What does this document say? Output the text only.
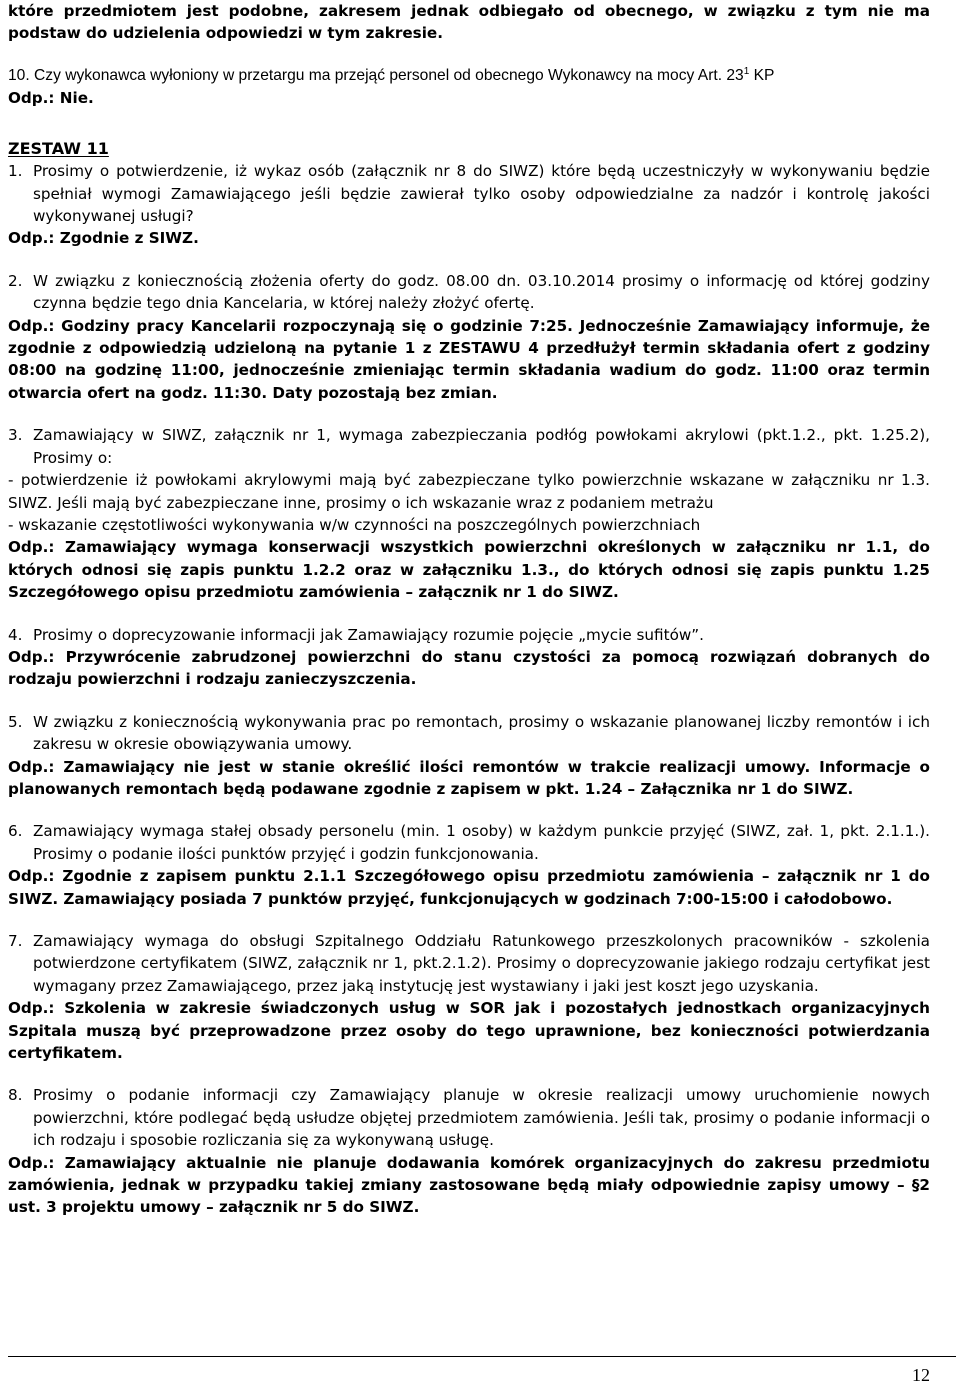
które przedmiotem jest podobne, zakresem jednak odbiegało od obecnego, w związku z tym nie ma podstaw do udzielenia odpowiedzi w tym zakresie.

10. Czy wykonawca wyłoniony w przetargu ma przejąć personel od obecnego Wykonawcy na mocy Art. $23^1$ KP

Odp.: Nie.

ZESTAW 11

1. Prosimy o potwierdzenie, iż wykaz osób (załącznik nr 8 do SIWZ) które będą uczestniczyły w wykonywaniu będzie spełniał wymogi Zamawiającego jeśli będzie zawierał tylko osoby odpowiedzialne za nadzór i kontrolę jakości wykonywanej usługi?

Odp.: Zgodnie z SIWZ.

2. W związku z koniecznością złożenia oferty do godz. 08.00 dn. 03.10.2014 prosimy o informację od której godziny czynna będzie tego dnia Kancelaria, w której należy złożyć ofertę.

Odp.: Godziny pracy Kancelarii rozpoczynają się o godzinie 7:25. Jednocześnie Zamawiający informuje, że zgodnie z odpowiedzią udzieloną na pytanie 1 z ZESTAWU 4 przedłużył termin składania ofert z godziny 08:00 na godzinę 11:00, jednocześnie zmieniając termin składania wadium do godz. 11:00 oraz termin otwarcia ofert na godz. 11:30. Daty pozostają bez zmian.

3. Zamawiający w SIWZ, załącznik nr 1, wymaga zabezpieczania podłóg powłokami akrylowi (pkt.1.2., pkt. 1.25.2), Prosimy o:

- potwierdzenie iż powłokami akrylowymi mają być zabezpieczane tylko powierzchnie wskazane w załączniku nr 1.3. SIWZ. Jeśli mają być zabezpieczane inne, prosimy o ich wskazanie wraz z podaniem metrażu

- wskazanie częstotliwości wykonywania w/w czynności na poszczególnych powierzchniach

Odp.: Zamawiający wymaga konserwacji wszystkich powierzchni określonych w załączniku nr 1.1, do których odnosi się zapis punktu 1.2.2 oraz w załączniku 1.3., do których odnosi się zapis punktu 1.25 Szczegółowego opisu przedmiotu zamówienia – załącznik nr 1 do SIWZ.

4. Prosimy o doprecyzowanie informacji jak Zamawiający rozumie pojęcie „mycie sufitów”.

Odp.: Przywrócenie zabrudzonej powierzchni do stanu czystości za pomocą rozwiązań dobranych do rodzaju powierzchni i rodzaju zanieczyszczenia.

5. W związku z koniecznością wykonywania prac po remontach, prosimy o wskazanie planowanej liczby remontów i ich zakresu w okresie obowiązywania umowy.

Odp.: Zamawiający nie jest w stanie określić ilości remontów w trakcie realizacji umowy. Informacje o planowanych remontach będą podawane zgodnie z zapisem w pkt. 1.24 – Załącznika nr 1 do SIWZ.

6. Zamawiający wymaga stałej obsady personelu (min. 1 osoby) w każdym punkcie przyjęć (SIWZ, zał. 1, pkt. 2.1.1.). Prosimy o podanie ilości punktów przyjęć i godzin funkcjonowania.

Odp.: Zgodnie z zapisem punktu 2.1.1 Szczegółowego opisu przedmiotu zamówienia – załącznik nr 1 do SIWZ. Zamawiający posiada 7 punktów przyjęć, funkcjonujących w godzinach 7:00-15:00 i całodobowo.

7. Zamawiający wymaga do obsługi Szpitalnego Oddziału Ratunkowego przeszkolonych pracowników - szkolenia potwierdzone certyfikatem (SIWZ, załącznik nr 1, pkt.2.1.2). Prosimy o doprecyzowanie jakiego rodzaju certyfikat jest wymagany przez Zamawiającego, przez jaką instytucję jest wystawiany i jaki jest koszt jego uzyskania.

Odp.: Szkolenia w zakresie świadczonych usług w SOR jak i pozostałych jednostkach organizacyjnych Szpitala muszą być przeprowadzone przez osoby do tego uprawnione, bez konieczności potwierdzania certyfikatem.

8. Prosimy o podanie informacji czy Zamawiający planuje w okresie realizacji umowy uruchomienie nowych powierzchni, które podlegać będą usłudze objętej przedmiotem zamówienia. Jeśli tak, prosimy o podanie informacji o ich rodzaju i sposobie rozliczania się za wykonywaną usługę.

Odp.: Zamawiający aktualnie nie planuje dodawania komórek organizacyjnych do zakresu przedmiotu zamówienia, jednak w przypadku takiej zmiany zastosowane będą miały odpowiednie zapisy umowy – §2 ust. 3 projektu umowy – załącznik nr 5 do SIWZ.

12
